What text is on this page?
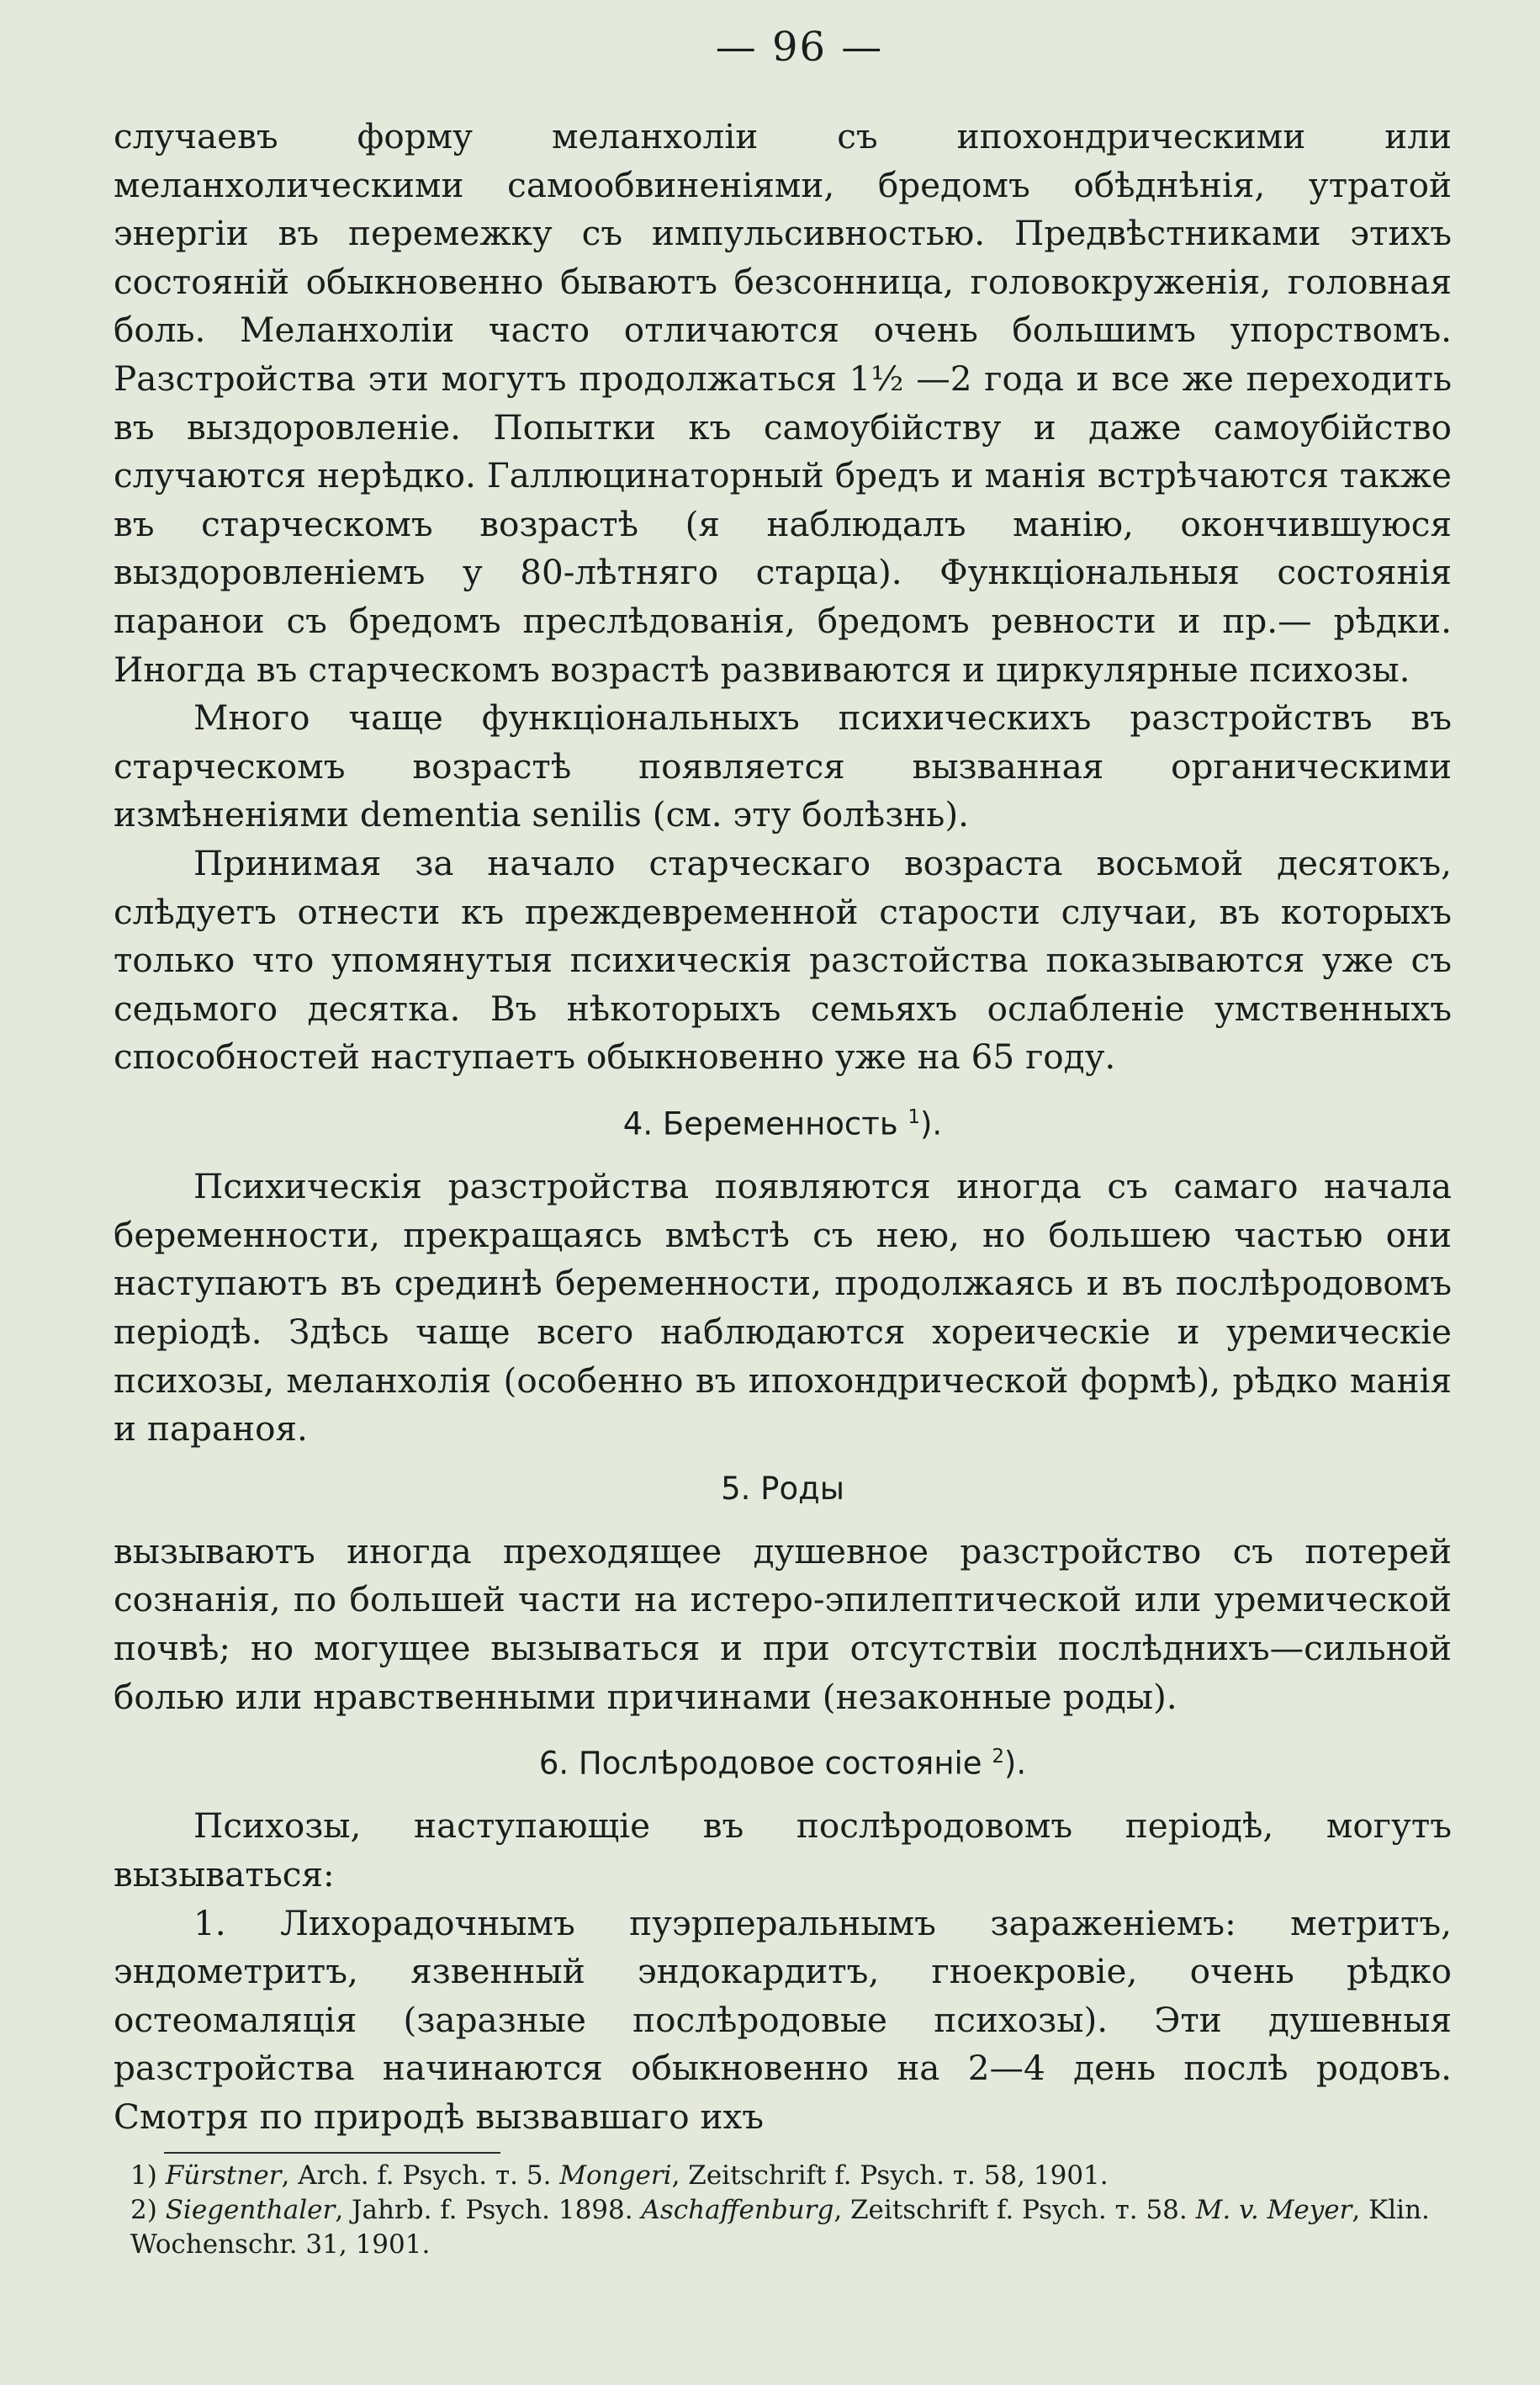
— 96 —

случаевъ форму меланхоліи съ ипохондрическими или меланхолическими самообвиненіями, бредомъ обѣднѣнія, утратой энергіи въ перемежку съ импульсивностью. Предвѣстниками этихъ состояній обыкновенно бываютъ безсонница, головокруженія, головная боль. Меланхоліи часто отличаются очень большимъ упорствомъ. Разстройства эти могутъ продолжаться 1½ —2 года и все же переходить въ выздоровленіе. Попытки къ самоубійству и даже самоубійство случаются нерѣдко. Галлюцинаторный бредъ и манія встрѣчаются также въ старческомъ возрастѣ (я наблюдалъ манію, окончившуюся выздоровленіемъ у 80-лѣтняго старца). Функціональныя состоянія паранои съ бредомъ преслѣдованія, бредомъ ревности и пр.— рѣдки. Иногда въ старческомъ возрастѣ развиваются и циркулярные психозы.

Много чаще функціональныхъ психическихъ разстройствъ въ старческомъ возрастѣ появляется вызванная органическими измѣненіями dementia senilis (см. эту болѣзнь).

Принимая за начало старческаго возраста восьмой десятокъ, слѣдуетъ отнести къ преждевременной старости случаи, въ которыхъ только что упомянутыя психическія разстойства показываются уже съ седьмого десятка. Въ нѣкоторыхъ семьяхъ ослабленіе умственныхъ способностей наступаетъ обыкновенно уже на 65 году.

4. Беременность $^1$).

Психическія разстройства появляются иногда съ самаго начала беременности, прекращаясь вмѣстѣ съ нею, но большею частью они наступаютъ въ срединѣ беременности, продолжаясь и въ послѣродовомъ періодѣ. Здѣсь чаще всего наблюдаются хореическіе и уремическіе психозы, меланхолія (особенно въ ипохондрической формѣ), рѣдко манія и параноя.

5. Роды

вызываютъ иногда преходящее душевное разстройство съ потерей сознанія, по большей части на истеро-эпилептической или уремической почвѣ; но могущее вызываться и при отсутствіи послѣднихъ—сильной болью или нравственными причинами (незаконные роды).

6. Послѣродовое состояніе $^2$).

Психозы, наступающіе въ послѣродовомъ періодѣ, могутъ вызываться:

1. Лихорадочнымъ пуэрперальнымъ зараженіемъ: метритъ, эндометритъ, язвенный эндокардитъ, гноекровіе, очень рѣдко остеомаляція (заразные послѣродовые психозы). Эти душевныя разстройства начинаются обыкновенно на 2—4 день послѣ родовъ. Смотря по природѣ вызвавшаго ихъ

1) Fürstner, Arch. f. Psych. т. 5. Mongeri, Zeitschrift f. Psych. т. 58, 1901.

2) Siegenthaler, Jahrb. f. Psych. 1898. Aschaffenburg, Zeitschrift f. Psych. т. 58. M. v. Meyer, Klin. Wochenschr. 31, 1901.
